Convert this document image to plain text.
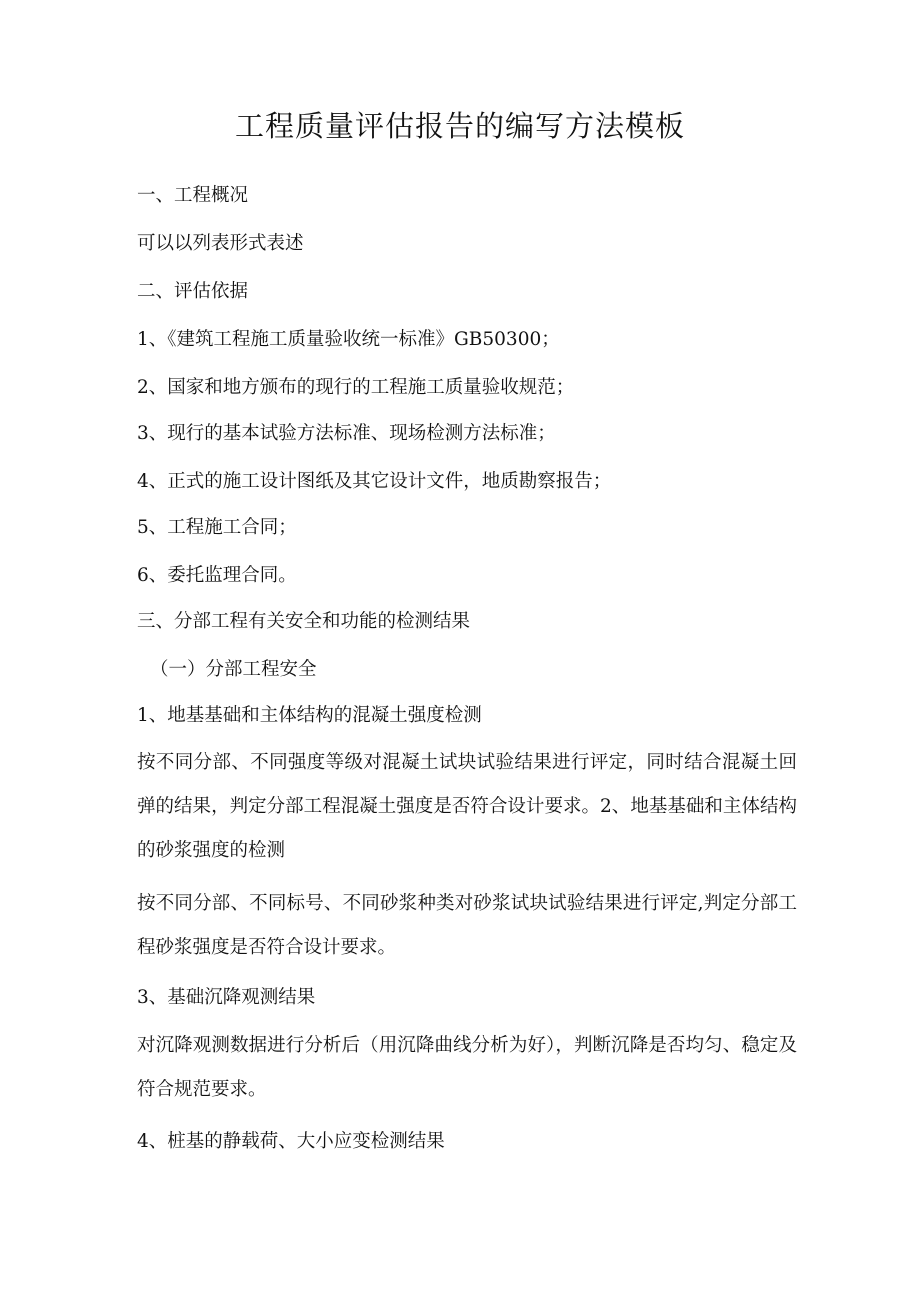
工程质量评估报告的编写方法模板
一、工程概况
可以以列表形式表述
二、评估依据
1、《建筑工程施工质量验收统一标准》GB50300；
2、国家和地方颁布的现行的工程施工质量验收规范；
3、现行的基本试验方法标准、现场检测方法标准；
4、正式的施工设计图纸及其它设计文件，地质勘察报告；
5、工程施工合同；
6、委托监理合同。
三、分部工程有关安全和功能的检测结果
（一）分部工程安全
1、地基基础和主体结构的混凝土强度检测
按不同分部、不同强度等级对混凝土试块试验结果进行评定，同时结合混凝土回弹的结果，判定分部工程混凝土强度是否符合设计要求。2、地基基础和主体结构的砂浆强度的检测
按不同分部、不同标号、不同砂浆种类对砂浆试块试验结果进行评定,判定分部工程砂浆强度是否符合设计要求。
3、基础沉降观测结果
对沉降观测数据进行分析后（用沉降曲线分析为好），判断沉降是否均匀、稳定及符合规范要求。
4、桩基的静载荷、大小应变检测结果
